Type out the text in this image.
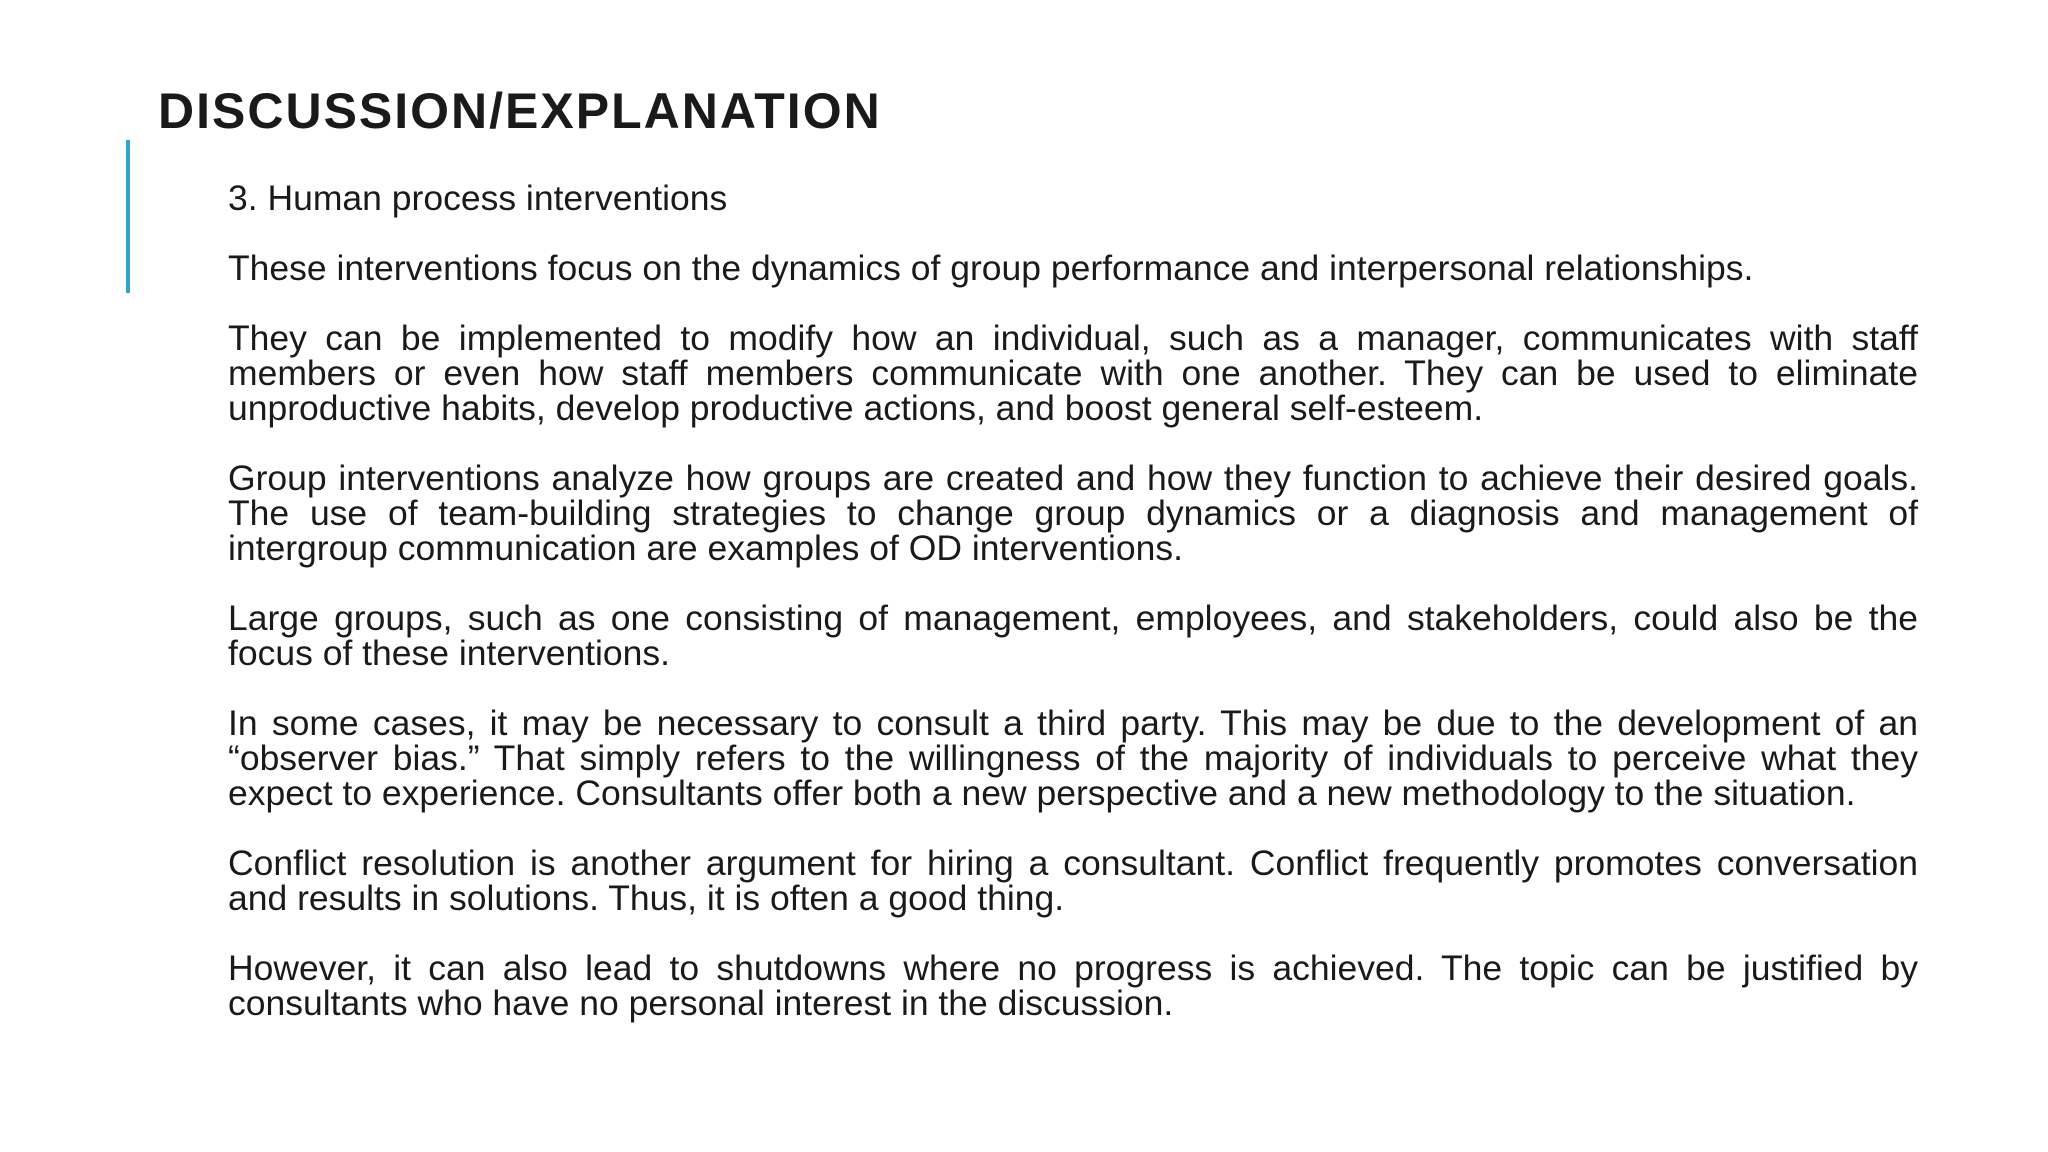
DISCUSSION/EXPLANATION
3. Human process interventions
These interventions focus on the dynamics of group performance and interpersonal relationships.
They can be implemented to modify how an individual, such as a manager, communicates with staff members or even how staff members communicate with one another. They can be used to eliminate unproductive habits, develop productive actions, and boost general self-esteem.
Group interventions analyze how groups are created and how they function to achieve their desired goals. The use of team-building strategies to change group dynamics or a diagnosis and management of intergroup communication are examples of OD interventions.
Large groups, such as one consisting of management, employees, and stakeholders, could also be the focus of these interventions.
In some cases, it may be necessary to consult a third party. This may be due to the development of an “observer bias.” That simply refers to the willingness of the majority of individuals to perceive what they expect to experience. Consultants offer both a new perspective and a new methodology to the situation.
Conflict resolution is another argument for hiring a consultant. Conflict frequently promotes conversation and results in solutions. Thus, it is often a good thing.
However, it can also lead to shutdowns where no progress is achieved. The topic can be justified by consultants who have no personal interest in the discussion.
